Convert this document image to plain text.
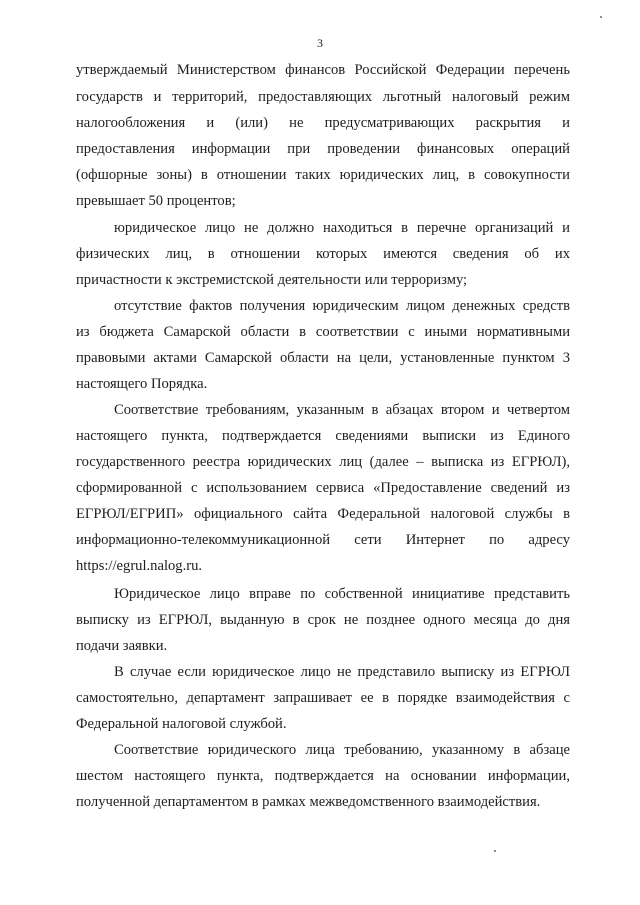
3
утверждаемый Министерством финансов Российской Федерации перечень
государств и территорий, предоставляющих льготный налоговый режим
налогообложения и (или) не предусматривающих раскрытия и
предоставления информации при проведении финансовых операций
(офшорные зоны) в отношении таких юридических лиц, в совокупности
превышает 50 процентов;
юридическое лицо не должно находиться в перечне организаций и
физических лиц, в отношении которых имеются сведения об их
причастности к экстремистской деятельности или терроризму;
отсутствие фактов получения юридическим лицом денежных средств
из бюджета Самарской области в соответствии с иными нормативными
правовыми актами Самарской области на цели, установленные пунктом 3
настоящего Порядка.
Соответствие требованиям, указанным в абзацах втором и четвертом
настоящего пункта, подтверждается сведениями выписки из Единого
государственного реестра юридических лиц (далее – выписка из ЕГРЮЛ),
сформированной с использованием сервиса «Предоставление сведений из
ЕГРЮЛ/ЕГРИП» официального сайта Федеральной налоговой службы в
информационно-телекоммуникационной сети Интернет по адресу
https://egrul.nalog.ru.
Юридическое лицо вправе по собственной инициативе представить
выписку из ЕГРЮЛ, выданную в срок не позднее одного месяца до дня
подачи заявки.
В случае если юридическое лицо не представило выписку из ЕГРЮЛ
самостоятельно, департамент запрашивает ее в порядке взаимодействия с
Федеральной налоговой службой.
Соответствие юридического лица требованию, указанному в абзаце
шестом настоящего пункта, подтверждается на основании информации,
полученной департаментом в рамках межведомственного взаимодействия.
